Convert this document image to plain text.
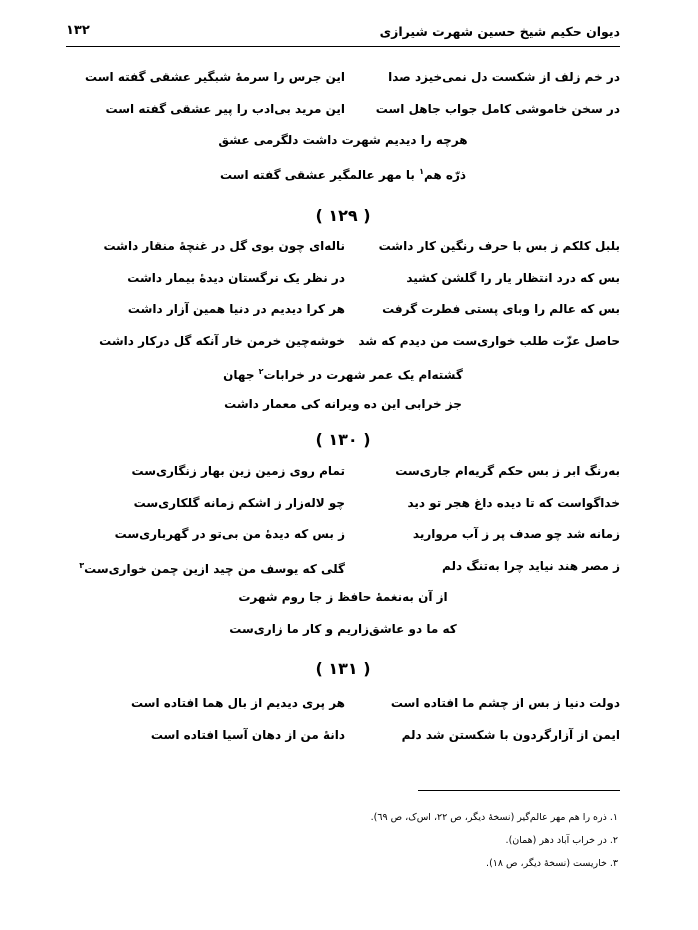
دیوان حکیم شیخ حسین شهرت شیرازی
۱۳۲
در خم زلف از شکست دل نمی‌خیزد صدا
این جرس را سرمهٔ شبگیر عشقی گفته است
در سخن خاموشی کامل جواب جاهل است
این مرید بی‌ادب را پیر عشقی گفته است
هرچه را دیدیم شهرت داشت دلگرمی عشق
ذرّه هم$^۱$ با مهر عالمگیر عشقی گفته است
( ۱۲۹ )
بلبل کلکم ز بس با حرف رنگین کار داشت
ناله‌ای چون بوی گل در غنچهٔ منقار داشت
بس که درد انتظار یار را گلشن کشید
در نظر یک نرگستان دیدهٔ بیمار داشت
بس که عالم را وبای پستی فطرت گرفت
هر کرا دیدیم در دنیا همین آزار داشت
حاصل عزّت طلب خواری‌ست من دیدم که شد
خوشه‌چین خرمن خار آنکه گل درکار داشت
گشته‌ام یک عمر شهرت در خرابات$^۲$ جهان
جز خرابی این ده ویرانه کی معمار داشت
( ۱۳۰ )
به‌رنگ ابر ز بس حکم گریه‌ام جاری‌ست
تمام روی زمین زین بهار زنگاری‌ست
خداگواست که تا دیده داغ هجر تو دید
چو لاله‌زار ز اشکم زمانه گلکاری‌ست
زمانه شد چو صدف پر ز آب مروارید
ز بس که دیدهٔ من بی‌تو در گهرباری‌ست
ز مصر هند نیاید چرا به‌تنگ دلم
گلی که یوسف من چید ازین چمن خواری‌ست$^۳$
از آن به‌نغمهٔ حافظ ز جا روم شهرت
که ما دو عاشق‌زاریم و کار ما زاری‌ست
( ۱۳۱ )
دولت دنیا ز بس از چشم ما افتاده است
هر پری دیدیم از بال هما افتاده است
ایمن از آزارگردون با شکستن شد دلم
دانهٔ من از دهان آسیا افتاده است
۱. ذره را هم مهر عالم‌گیر (نسخهٔ دیگر، ص ۲۲، اس‌ک، ص ٦۹).
۲. در خراب آباد دهر (همان).
۳. خاریست (نسخهٔ دیگر، ص ۱۸).
